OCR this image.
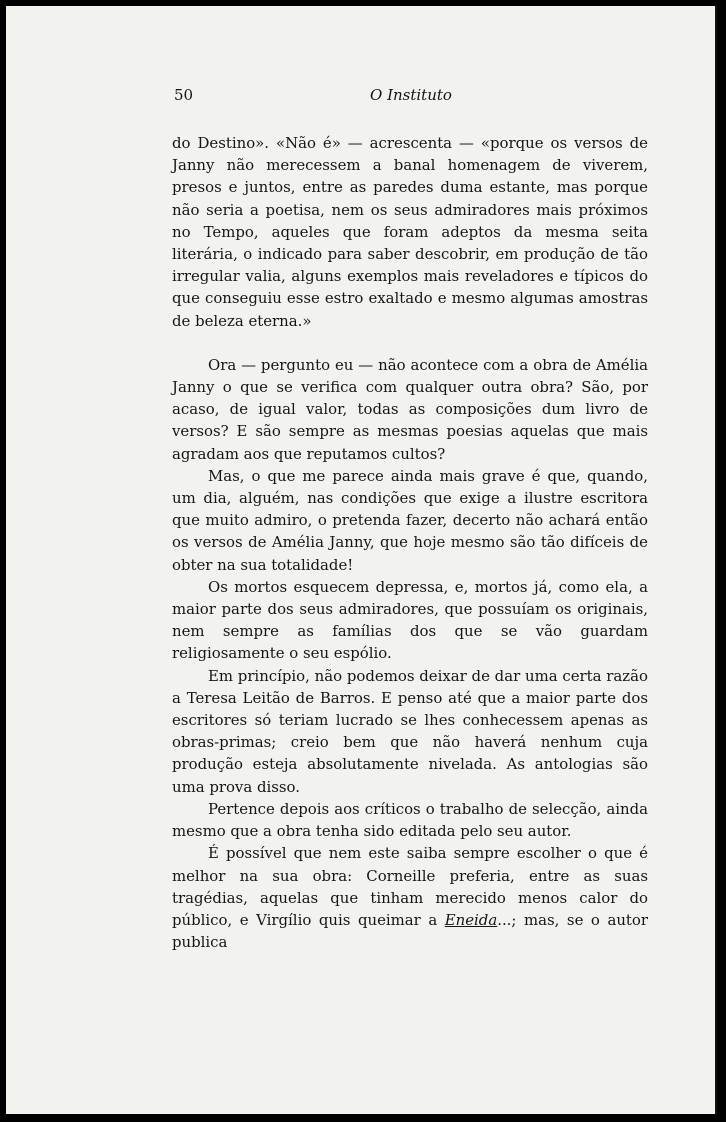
50	O Instituto

do Destino». «Não é» — acrescenta — «porque os versos de Janny não merecessem a banal homenagem de viverem, presos e juntos, entre as paredes duma estante, mas porque não seria a poetisa, nem os seus admiradores mais próximos no Tempo, aqueles que foram adeptos da mesma seita literária, o indicado para saber descobrir, em produção de tão irregular valia, alguns exemplos mais reveladores e típicos do que conseguiu esse estro exaltado e mesmo algumas amostras de beleza eterna.»

Ora — pergunto eu — não acontece com a obra de Amélia Janny o que se verifica com qualquer outra obra? São, por acaso, de igual valor, todas as composições dum livro de versos? E são sempre as mesmas poesias aquelas que mais agradam aos que reputamos cultos?

Mas, o que me parece ainda mais grave é que, quando, um dia, alguém, nas condições que exige a ilustre escritora que muito admiro, o pretenda fazer, decerto não achará então os versos de Amélia Janny, que hoje mesmo são tão difíceis de obter na sua totalidade!

Os mortos esquecem depressa, e, mortos já, como ela, a maior parte dos seus admiradores, que possuíam os originais, nem sempre as famílias dos que se vão guardam religiosamente o seu espólio.

Em princípio, não podemos deixar de dar uma certa razão a Teresa Leitão de Barros. E penso até que a maior parte dos escritores só teriam lucrado se lhes conhecessem apenas as obras-primas; creio bem que não haverá nenhum cuja produção esteja absolutamente nivelada. As antologias são uma prova disso.

Pertence depois aos críticos o trabalho de selecção, ainda mesmo que a obra tenha sido editada pelo seu autor.

É possível que nem este saiba sempre escolher o que é melhor na sua obra: Corneille preferia, entre as suas tragédias, aquelas que tinham merecido menos calor do público, e Virgílio quis queimar a Eneida...; mas, se o autor publica
